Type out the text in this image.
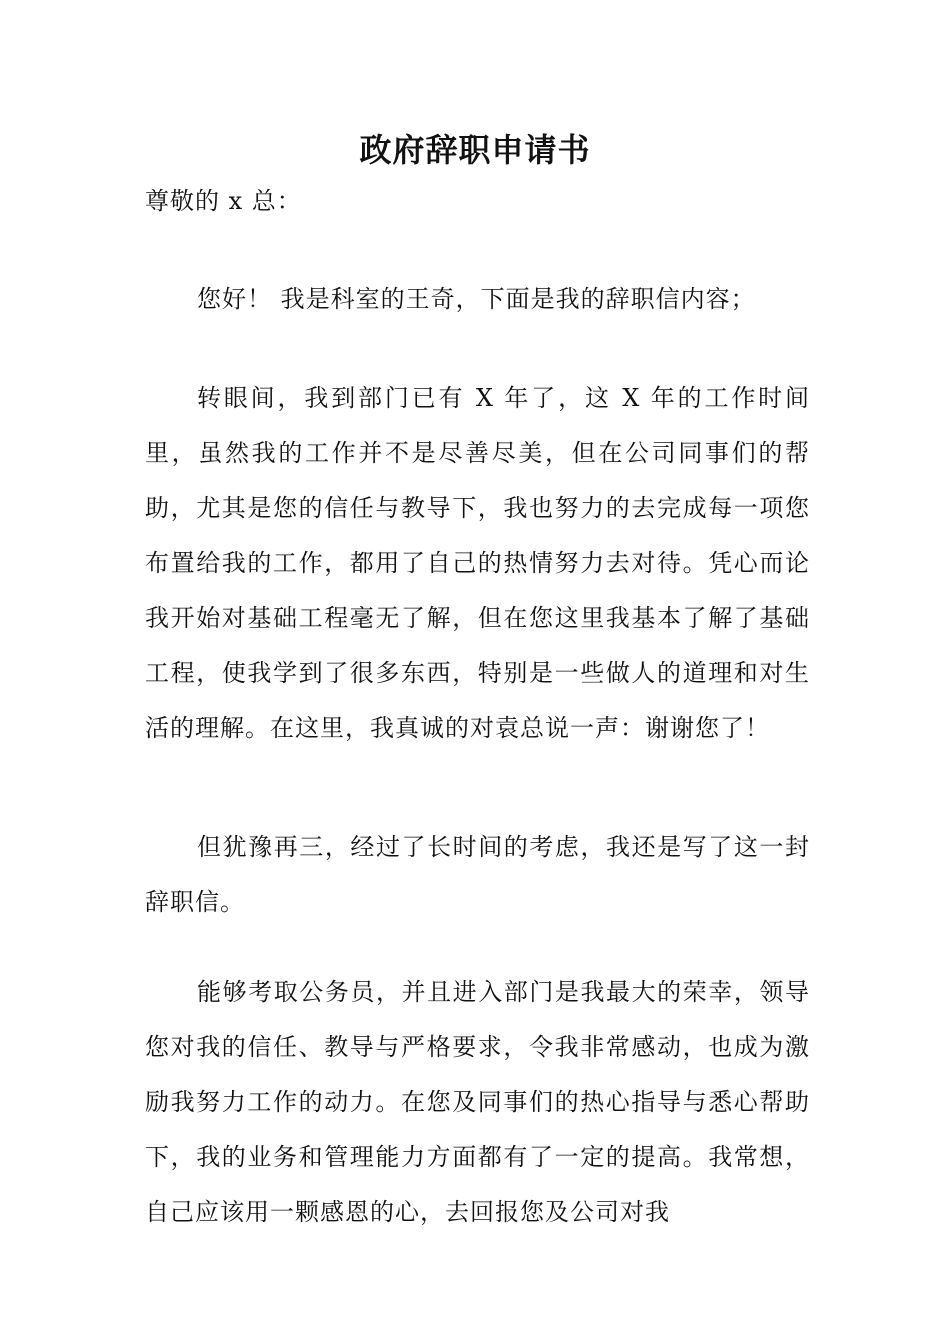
政府辞职申请书

尊敬的 x 总：

您好！ 我是科室的王奇，下面是我的辞职信内容；

转眼间，我到部门已有 X 年了，这 X 年的工作时间里，虽然我的工作并不是尽善尽美，但在公司同事们的帮助，尤其是您的信任与教导下，我也努力的去完成每一项您布置给我的工作，都用了自己的热情努力去对待。凭心而论我开始对基础工程毫无了解，但在您这里我基本了解了基础工程，使我学到了很多东西，特别是一些做人的道理和对生活的理解。在这里，我真诚的对袁总说一声：谢谢您了！

但犹豫再三，经过了长时间的考虑，我还是写了这一封辞职信。

能够考取公务员，并且进入部门是我最大的荣幸，领导您对我的信任、教导与严格要求，令我非常感动，也成为激励我努力工作的动力。在您及同事们的热心指导与悉心帮助下，我的业务和管理能力方面都有了一定的提高。我常想，自己应该用一颗感恩的心，去回报您及公司对我
